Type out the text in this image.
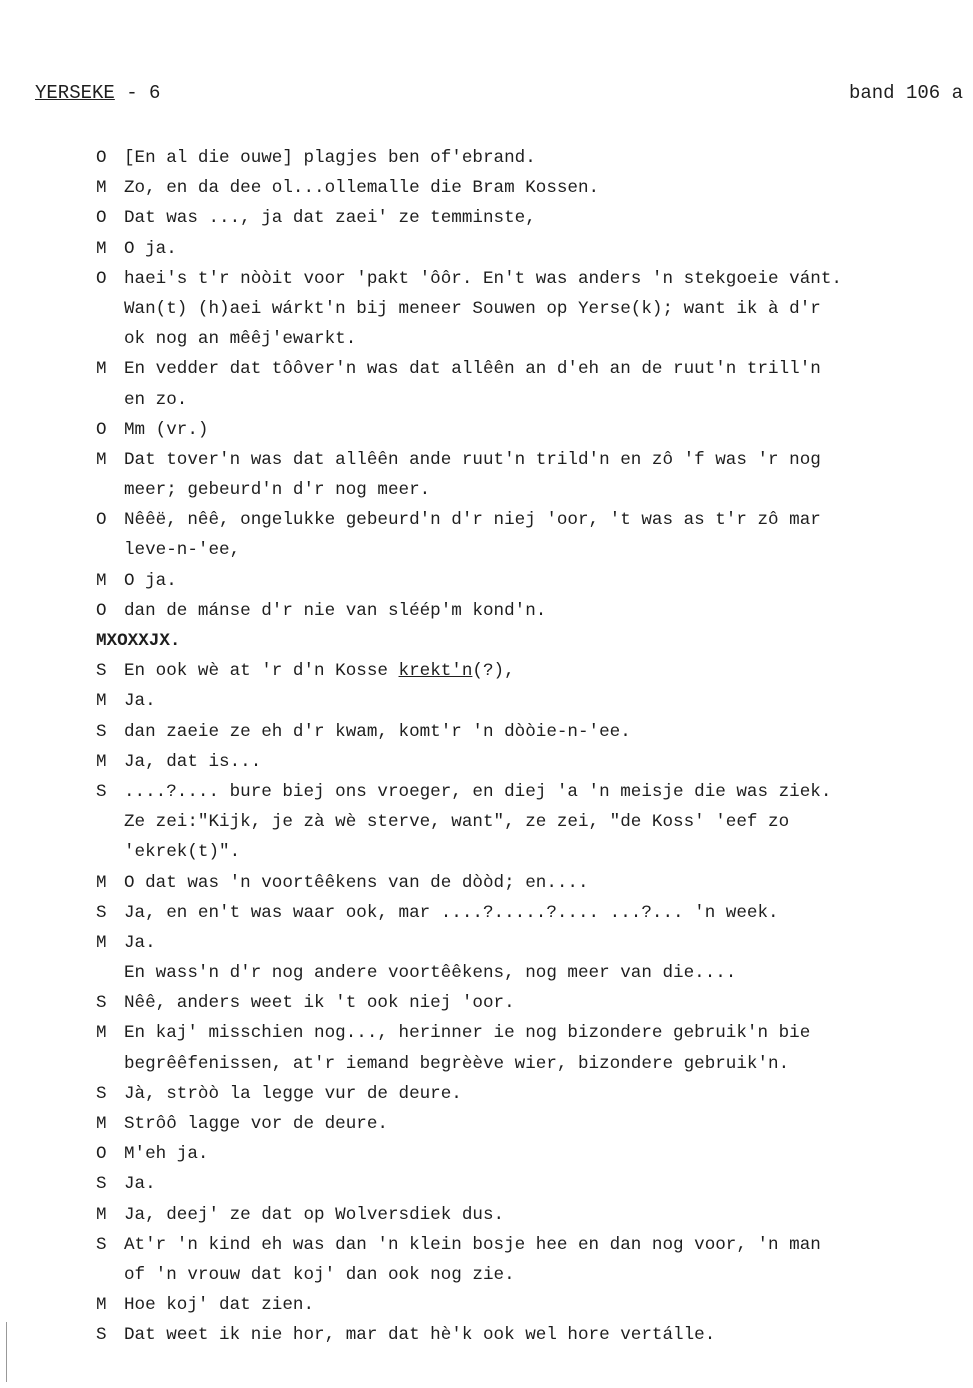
YERSEKE - 6	band 106 a
O [En al die ouwe] plagjes ben of'ebrand.
M Zo, en da dee ol...ollemalle die Bram Kossen.
O Dat was ..., ja dat zaei' ze temminste,
M O ja.
O haei's t'r nòòit voor 'pakt 'ôôr. En't was anders 'n stekgoeie vánt.
Wan(t) (h)aei wárkt'n bij meneer Souwen op Yerse(k); want ik à d'r
ok nog an mêêj'ewarkt.
M En vedder dat tôôver'n was dat allêên an d'eh an de ruut'n trill'n
en zo.
O Mm (vr.)
M Dat tover'n was dat allêên ande ruut'n trild'n en zô 'f was 'r nog
meer; gebeurd'n d'r nog meer.
O Nêêë, nêê, ongelukke gebeurd'n d'r niej 'oor, 't was as t'r zô mar
leve-n-'ee,
M O ja.
O dan de mánse d'r nie van sléép'm kond'n.
MXOXXJX.
S En ook wè at 'r d'n Kosse krekt'n(?),
M Ja.
S dan zaeie ze eh d'r kwam, komt'r 'n dòòie-n-'ee.
M Ja, dat is...
S ....?.... bure biej ons vroeger, en diej 'a 'n meisje die was ziek.
Ze zei:"Kijk, je zà wè sterve, want", ze zei, "de Koss' 'eef zo
'ekrek(t)".
M O dat was 'n voortêêkens van de dòòd; en....
S Ja, en en't was waar ook, mar ....?.....?.... ...?... 'n week.
M Ja.
En wass'n d'r nog andere voortêêkens, nog meer van die....
S Nêê, anders weet ik 't ook niej 'oor.
M En kaj' misschien nog..., herinner ie nog bizondere gebruik'n bie
begrêêfenissen, at'r iemand begrèève wier, bizondere gebruik'n.
S Jà, stròò la legge vur de deure.
M Strôô lagge vor de deure.
O M'eh ja.
S Ja.
M Ja, deej' ze dat op Wolversdiek dus.
S At'r 'n kind eh was dan 'n klein bosje hee en dan nog voor, 'n man
of 'n vrouw dat koj' dan ook nog zie.
M Hoe koj' dat zien.
S Dat weet ik nie hor, mar dat hè'k ook wel hore vertálle.
